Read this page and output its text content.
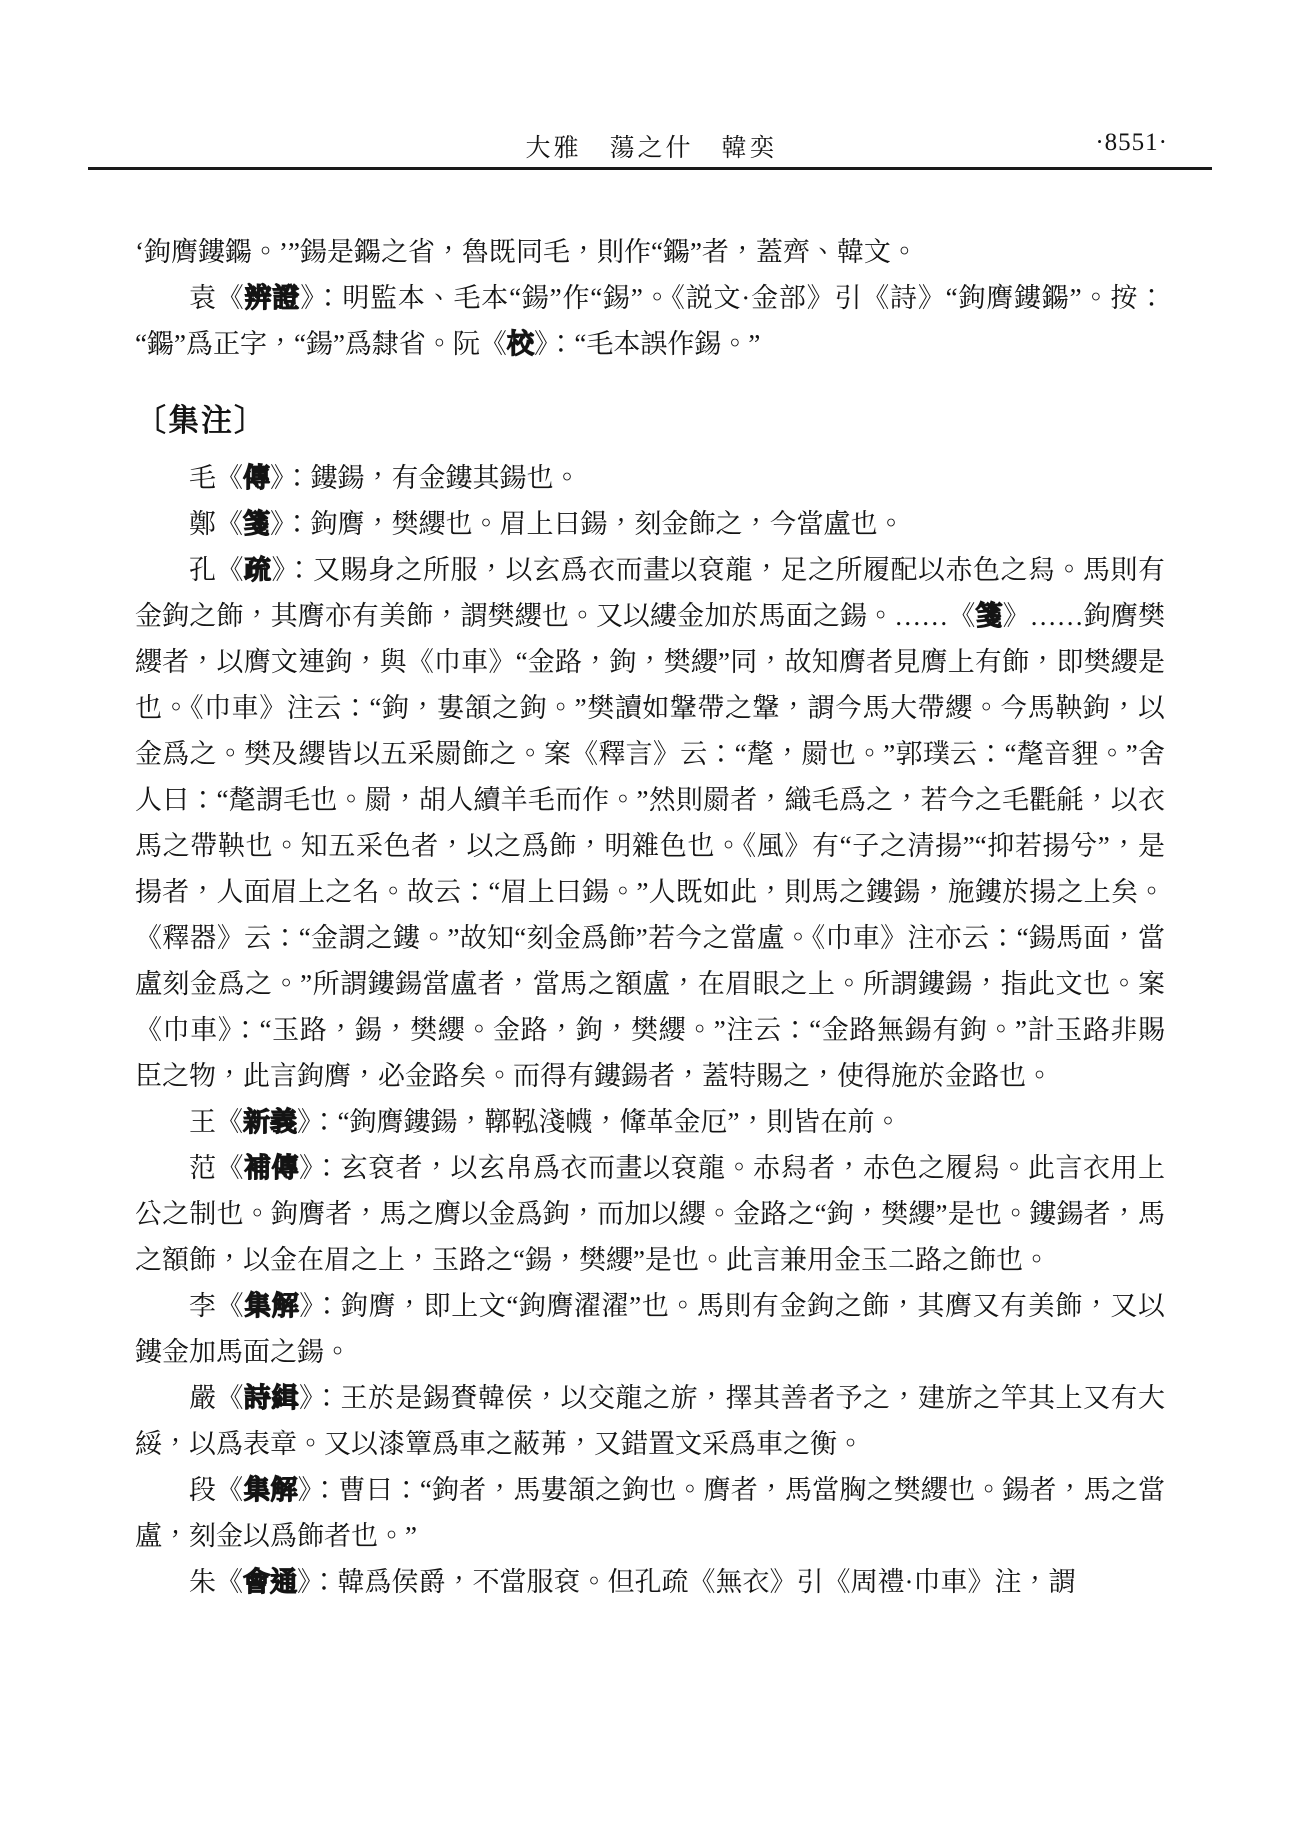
大雅　蕩之什　韓奕	·8551·

‘鉤膺鏤鐊。’”鍚是鐊之省，魯既同毛，則作“鐊”者，蓋齊、韓文。

袁《辨證》：明監本、毛本“鍚”作“錫”。《説文·金部》引《詩》“鉤膺鏤鐊”。按：“鐊”爲正字，“鍚”爲隸省。阮《校》：“毛本誤作錫。”

〔集注〕

毛《傳》：鏤鍚，有金鏤其鍚也。

鄭《箋》：鉤膺，樊纓也。眉上曰鍚，刻金飾之，今當盧也。

孔《疏》：又賜身之所服，以玄爲衣而畫以袞龍，足之所履配以赤色之舄。馬則有金鉤之飾，其膺亦有美飾，謂樊纓也。又以縷金加於馬面之鍚。……《箋》……鉤膺樊纓者，以膺文連鉤，與《巾車》“金路，鉤，樊纓”同，故知膺者見膺上有飾，即樊纓是也。《巾車》注云：“鉤，婁頷之鉤。”樊讀如鞶帶之鞶，謂今馬大帶纓。今馬鞅鉤，以金爲之。樊及纓皆以五采罽飾之。案《釋言》云：“氂，罽也。”郭璞云：“氂音貍。”舍人曰：“氂謂毛也。罽，胡人續羊毛而作。”然則罽者，織毛爲之，若今之毛氍毹，以衣馬之帶鞅也。知五采色者，以之爲飾，明雜色也。《風》有“子之清揚”“抑若揚兮”，是揚者，人面眉上之名。故云：“眉上曰鍚。”人既如此，則馬之鏤鍚，施鏤於揚之上矣。《釋器》云：“金謂之鏤。”故知“刻金爲飾”若今之當盧。《巾車》注亦云：“鍚馬面，當盧刻金爲之。”所謂鏤鍚當盧者，當馬之額盧，在眉眼之上。所謂鏤鍚，指此文也。案《巾車》：“玉路，鍚，樊纓。金路，鉤，樊纓。”注云：“金路無鍚有鉤。”計玉路非賜臣之物，此言鉤膺，必金路矣。而得有鏤鍚者，蓋特賜之，使得施於金路也。

王《新義》：“鉤膺鏤鍚，鞹鞃淺幭，鞗革金厄”，則皆在前。

范《補傳》：玄袞者，以玄帛爲衣而畫以袞龍。赤舄者，赤色之履舄。此言衣用上公之制也。鉤膺者，馬之膺以金爲鉤，而加以纓。金路之“鉤，樊纓”是也。鏤鍚者，馬之額飾，以金在眉之上，玉路之“鍚，樊纓”是也。此言兼用金玉二路之飾也。

李《集解》：鉤膺，即上文“鉤膺濯濯”也。馬則有金鉤之飾，其膺又有美飾，又以鏤金加馬面之鍚。

嚴《詩緝》：王於是錫賚韓侯，以交龍之旂，擇其善者予之，建旂之竿其上又有大綏，以爲表章。又以漆簟爲車之蔽茀，又錯置文采爲車之衡。

段《集解》：曹曰：“鉤者，馬婁頷之鉤也。膺者，馬當胸之樊纓也。鍚者，馬之當盧，刻金以爲飾者也。”

朱《會通》：韓爲侯爵，不當服袞。但孔疏《無衣》引《周禮·巾車》注，謂
